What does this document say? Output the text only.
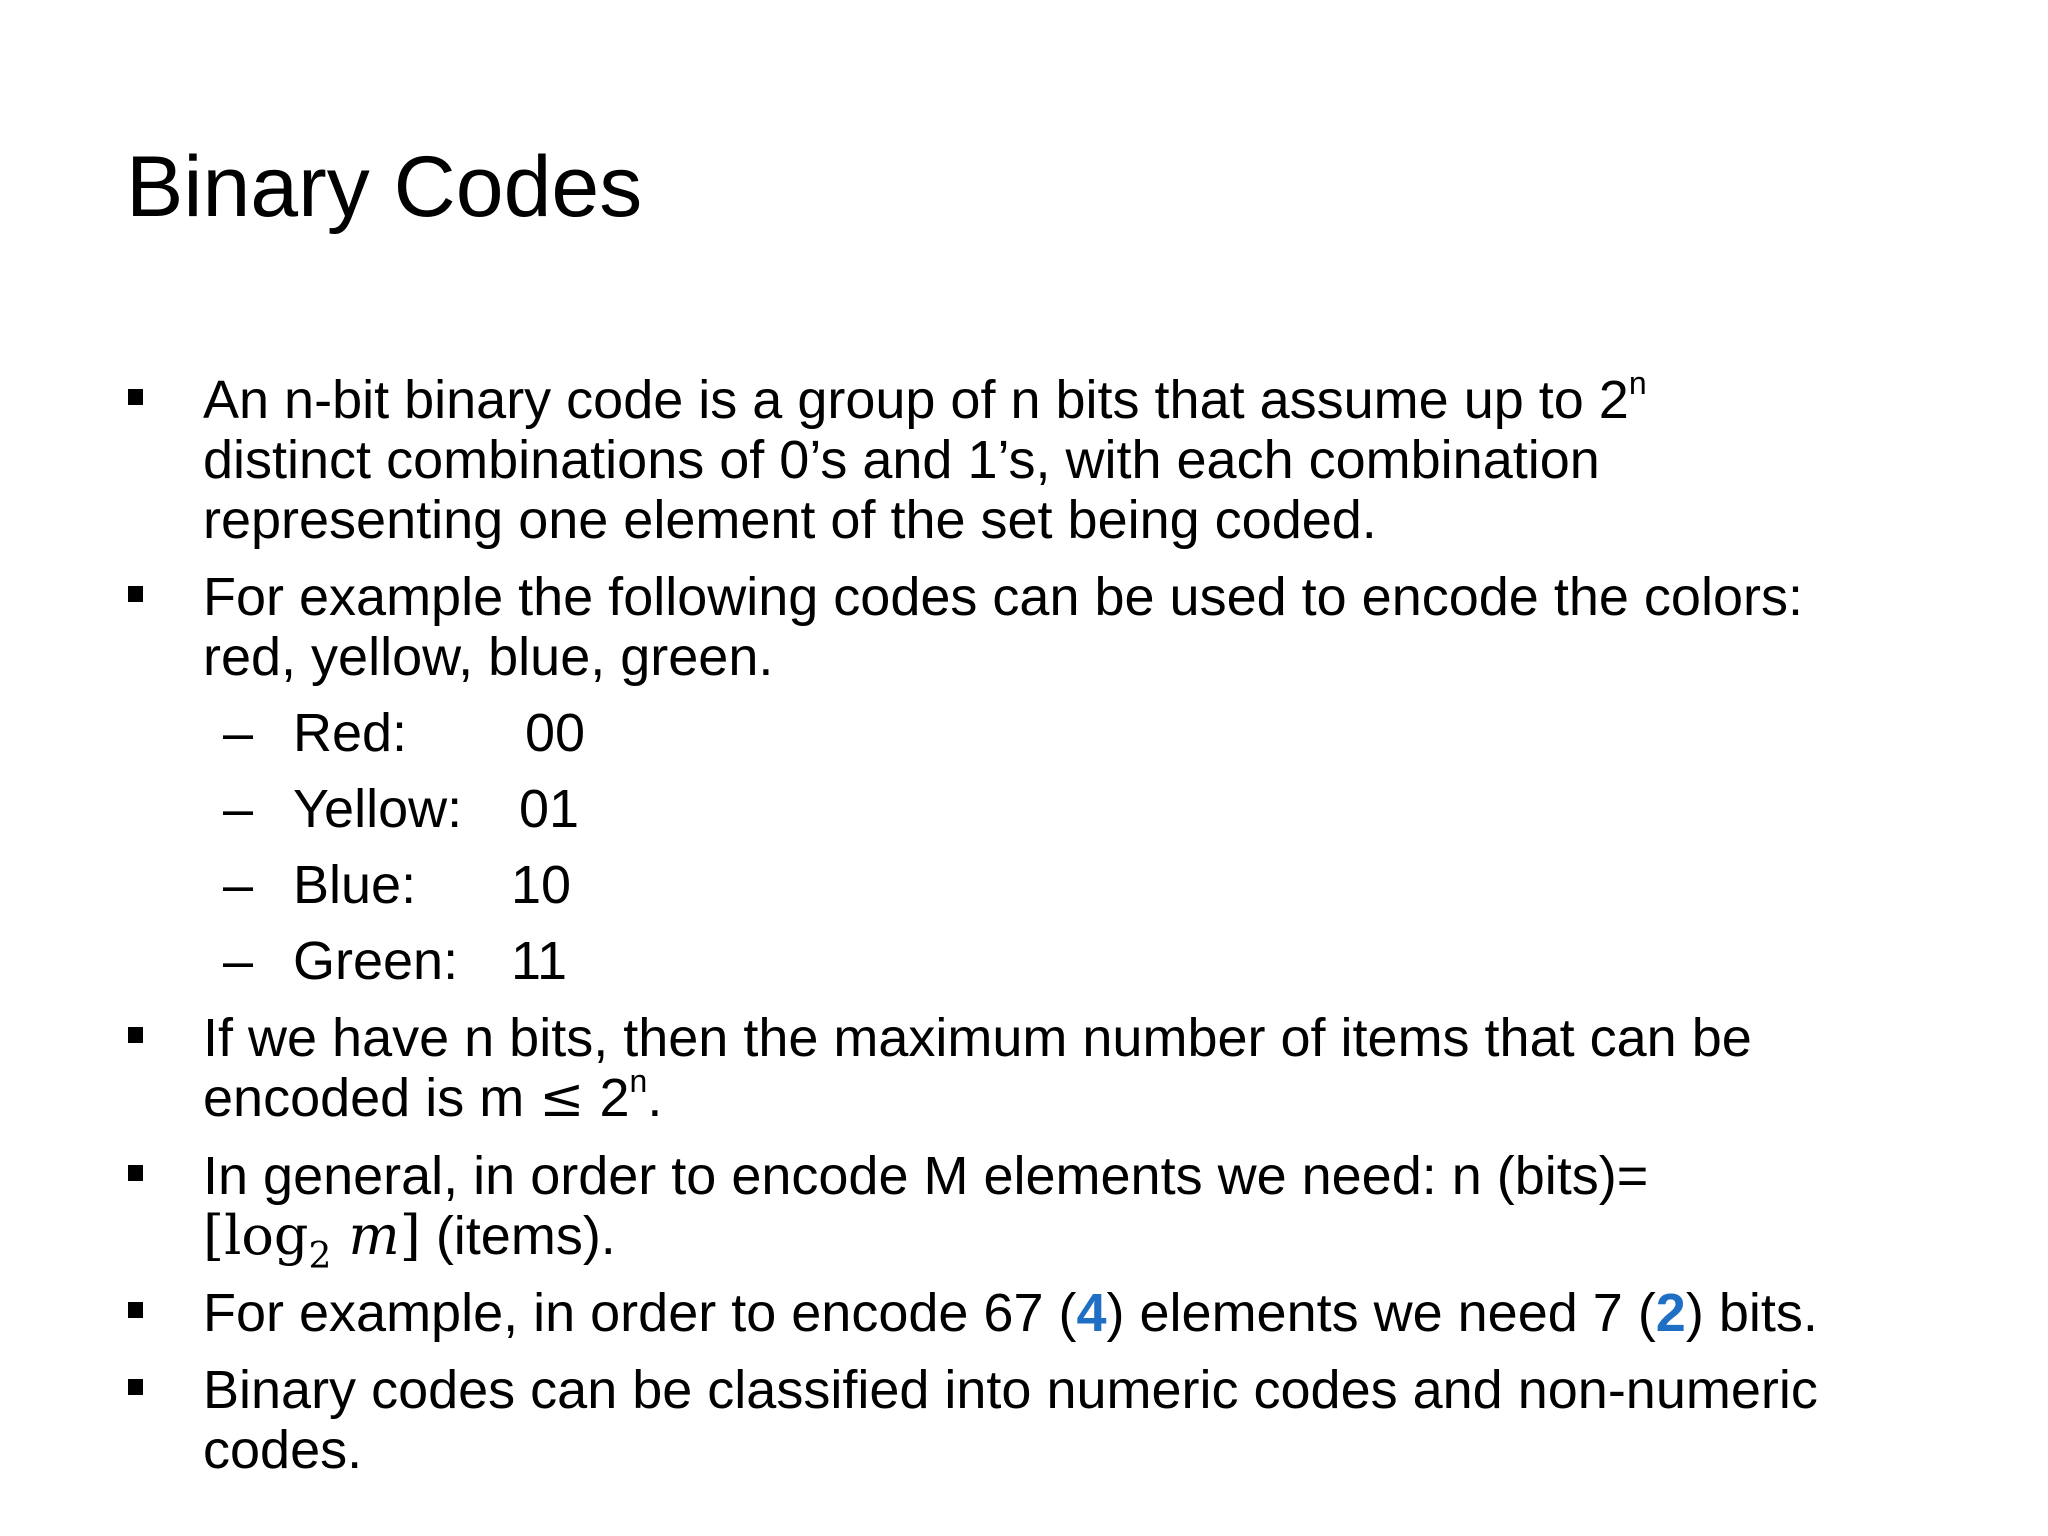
Binary Codes
An n-bit binary code is a group of n bits that assume up to 2$^n$
distinct combinations of 0’s and 1’s, with each combination
representing one element of the set being coded.
For example the following codes can be used to encode the colors:
red, yellow, blue, green.
– Red: 00
– Yellow: 01
– Blue: 10
– Green: 11
If we have n bits, then the maximum number of items that can be
encoded is $m \le 2^n$.
In general, in order to encode M elements we need: n (bits)=
[$\log_2$ m] (items).
For example, in order to encode 67 (4) elements we need 7 (2) bits.
Binary codes can be classified into numeric codes and non-numeric
codes.
